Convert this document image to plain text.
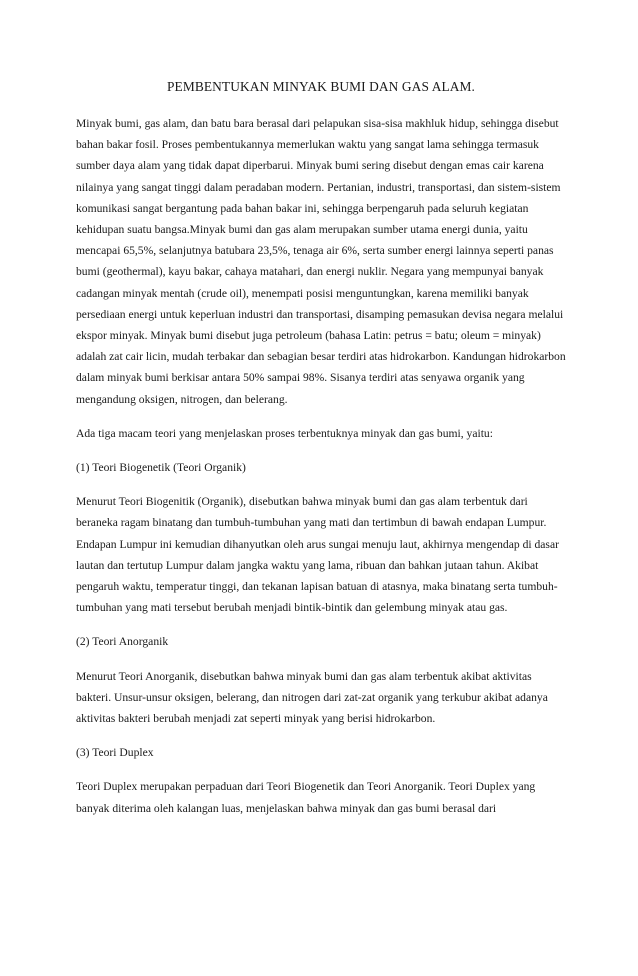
PEMBENTUKAN MINYAK BUMI DAN GAS ALAM.

Minyak bumi, gas alam, dan batu bara berasal dari pelapukan sisa-sisa makhluk hidup, sehingga disebut bahan bakar fosil. Proses pembentukannya memerlukan waktu yang sangat lama sehingga termasuk sumber daya alam yang tidak dapat diperbarui. Minyak bumi sering disebut dengan emas cair karena nilainya yang sangat tinggi dalam peradaban modern. Pertanian, industri, transportasi, dan sistem-sistem komunikasi sangat bergantung pada bahan bakar ini, sehingga berpengaruh pada seluruh kegiatan kehidupan suatu bangsa.Minyak bumi dan gas alam merupakan sumber utama energi dunia, yaitu mencapai 65,5%, selanjutnya batubara 23,5%, tenaga air 6%, serta sumber energi lainnya seperti panas bumi (geothermal), kayu bakar, cahaya matahari, dan energi nuklir. Negara yang mempunyai banyak cadangan minyak mentah (crude oil), menempati posisi menguntungkan, karena memiliki banyak persediaan energi untuk keperluan industri dan transportasi, disamping pemasukan devisa negara melalui ekspor minyak. Minyak bumi disebut juga petroleum (bahasa Latin: petrus = batu; oleum = minyak) adalah zat cair licin, mudah terbakar dan sebagian besar terdiri atas hidrokarbon. Kandungan hidrokarbon dalam minyak bumi berkisar antara 50% sampai 98%. Sisanya terdiri atas senyawa organik yang mengandung oksigen, nitrogen, dan belerang.

Ada tiga macam teori yang menjelaskan proses terbentuknya minyak dan gas bumi, yaitu:

(1) Teori Biogenetik (Teori Organik)

Menurut Teori Biogenitik (Organik), disebutkan bahwa minyak bumi dan gas alam terbentuk dari beraneka ragam binatang dan tumbuh-tumbuhan yang mati dan tertimbun di bawah endapan Lumpur. Endapan Lumpur ini kemudian dihanyutkan oleh arus sungai menuju laut, akhirnya mengendap di dasar lautan dan tertutup Lumpur dalam jangka waktu yang lama, ribuan dan bahkan jutaan tahun. Akibat pengaruh waktu, temperatur tinggi, dan tekanan lapisan batuan di atasnya, maka binatang serta tumbuh-tumbuhan yang mati tersebut berubah menjadi bintik-bintik dan gelembung minyak atau gas.

(2) Teori Anorganik

Menurut Teori Anorganik, disebutkan bahwa minyak bumi dan gas alam terbentuk akibat aktivitas bakteri. Unsur-unsur oksigen, belerang, dan nitrogen dari zat-zat organik yang terkubur akibat adanya aktivitas bakteri berubah menjadi zat seperti minyak yang berisi hidrokarbon.

(3) Teori Duplex

Teori Duplex merupakan perpaduan dari Teori Biogenetik dan Teori Anorganik. Teori Duplex yang banyak diterima oleh kalangan luas, menjelaskan bahwa minyak dan gas bumi berasal dari
